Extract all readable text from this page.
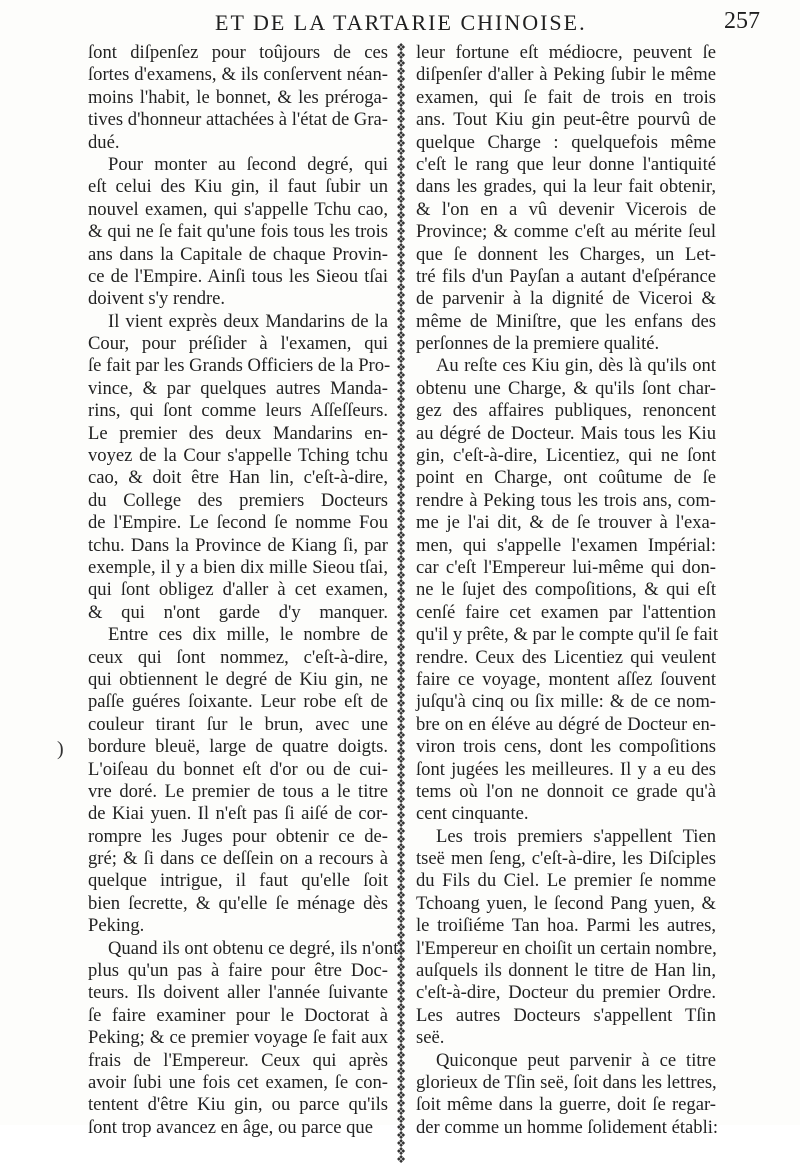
ET DE LA TARTARIE CHINOISE.	257
)
ſont diſpenſez pour toûjours de ces
ſortes d'examens, & ils conſervent néan-
moins l'habit, le bonnet, & les préroga-
tives d'honneur attachées à l'état de Gra-
dué.
Pour monter au ſecond degré, qui
eſt celui des Kiu gin, il faut ſubir un
nouvel examen, qui s'appelle Tchu cao,
& qui ne ſe fait qu'une fois tous les trois
ans dans la Capitale de chaque Provin-
ce de l'Empire. Ainſi tous les Sieou tſai
doivent s'y rendre.
Il vient exprès deux Mandarins de la
Cour, pour préſider à l'examen, qui
ſe fait par les Grands Officiers de la Pro-
vince, & par quelques autres Manda-
rins, qui ſont comme leurs Aſſeſſeurs.
Le premier des deux Mandarins en-
voyez de la Cour s'appelle Tching tchu
cao, & doit être Han lin, c'eſt-à-dire,
du College des premiers Docteurs
de l'Empire. Le ſecond ſe nomme Fou
tchu. Dans la Province de Kiang ſi, par
exemple, il y a bien dix mille Sieou tſai,
qui ſont obligez d'aller à cet examen,
& qui n'ont garde d'y manquer.
Entre ces dix mille, le nombre de
ceux qui ſont nommez, c'eſt-à-dire,
qui obtiennent le degré de Kiu gin, ne
paſſe guéres ſoixante. Leur robe eſt de
couleur tirant ſur le brun, avec une
bordure bleuë, large de quatre doigts.
L'oiſeau du bonnet eſt d'or ou de cui-
vre doré. Le premier de tous a le titre
de Kiai yuen. Il n'eſt pas ſi aiſé de cor-
rompre les Juges pour obtenir ce de-
gré; & ſi dans ce deſſein on a recours à
quelque intrigue, il faut qu'elle ſoit
bien ſecrette, & qu'elle ſe ménage dès
Peking.
Quand ils ont obtenu ce degré, ils n'ont
plus qu'un pas à faire pour être Doc-
teurs. Ils doivent aller l'année ſuivante
ſe faire examiner pour le Doctorat à
Peking; & ce premier voyage ſe fait aux
frais de l'Empereur. Ceux qui après
avoir ſubi une fois cet examen, ſe con-
tentent d'être Kiu gin, ou parce qu'ils
ſont trop avancez en âge, ou parce que
❖
❖
❖
❖
❖
❖
❖
❖
❖
❖
❖
❖
❖
❖
❖
❖
❖
❖
❖
❖
❖
❖
❖
❖
❖
❖
❖
❖
❖
❖
❖
❖
❖
❖
❖
❖
❖
❖
❖
❖
❖
❖
❖
❖
❖
❖
❖
❖
❖
❖
❖
❖
❖
❖
❖
❖
❖
❖
❖
❖
❖
❖
❖
❖
❖
❖
❖
❖
❖
❖
❖
❖
❖
❖
❖
❖
❖
❖
❖
❖
❖
❖
❖
❖
❖
❖
❖
❖
❖
❖
❖
❖
❖
❖
❖
❖
❖
❖
❖
❖
❖
❖
❖
❖
❖
❖
❖
❖
❖
❖
❖
❖
❖
❖
❖
❖
❖
❖
❖
❖
❖
❖
❖
❖
❖
❖
❖
❖
❖
❖
❖
❖
❖
❖
❖
❖
❖
❖
❖
❖
leur fortune eſt médiocre, peuvent ſe
diſpenſer d'aller à Peking ſubir le même
examen, qui ſe fait de trois en trois
ans. Tout Kiu gin peut-être pourvû de
quelque Charge : quelquefois même
c'eſt le rang que leur donne l'antiquité
dans les grades, qui la leur fait obtenir,
& l'on en a vû devenir Vicerois de
Province; & comme c'eſt au mérite ſeul
que ſe donnent les Charges, un Let-
tré fils d'un Payſan a autant d'eſpérance
de parvenir à la dignité de Viceroi &
même de Miniſtre, que les enfans des
perſonnes de la premiere qualité.
Au reſte ces Kiu gin, dès là qu'ils ont
obtenu une Charge, & qu'ils ſont char-
gez des affaires publiques, renoncent
au dégré de Docteur. Mais tous les Kiu
gin, c'eſt-à-dire, Licentiez, qui ne ſont
point en Charge, ont coûtume de ſe
rendre à Peking tous les trois ans, com-
me je l'ai dit, & de ſe trouver à l'exa-
men, qui s'appelle l'examen Impérial:
car c'eſt l'Empereur lui-même qui don-
ne le ſujet des compoſitions, & qui eſt
cenſé faire cet examen par l'attention
qu'il y prête, & par le compte qu'il ſe fait
rendre. Ceux des Licentiez qui veulent
faire ce voyage, montent aſſez ſouvent
juſqu'à cinq ou ſix mille: & de ce nom-
bre on en éléve au dégré de Docteur en-
viron trois cens, dont les compoſitions
ſont jugées les meilleures. Il y a eu des
tems où l'on ne donnoit ce grade qu'à
cent cinquante.
Les trois premiers s'appellent Tien
tseë men ſeng, c'eſt-à-dire, les Diſciples
du Fils du Ciel. Le premier ſe nomme
Tchoang yuen, le ſecond Pang yuen, &
le troiſiéme Tan hoa. Parmi les autres,
l'Empereur en choiſit un certain nombre,
auſquels ils donnent le titre de Han lin,
c'eſt-à-dire, Docteur du premier Ordre.
Les autres Docteurs s'appellent Tſin
seë.
Quiconque peut parvenir à ce titre
glorieux de Tſin seë, ſoit dans les lettres,
ſoit même dans la guerre, doit ſe regar-
der comme un homme ſolidement établi:
